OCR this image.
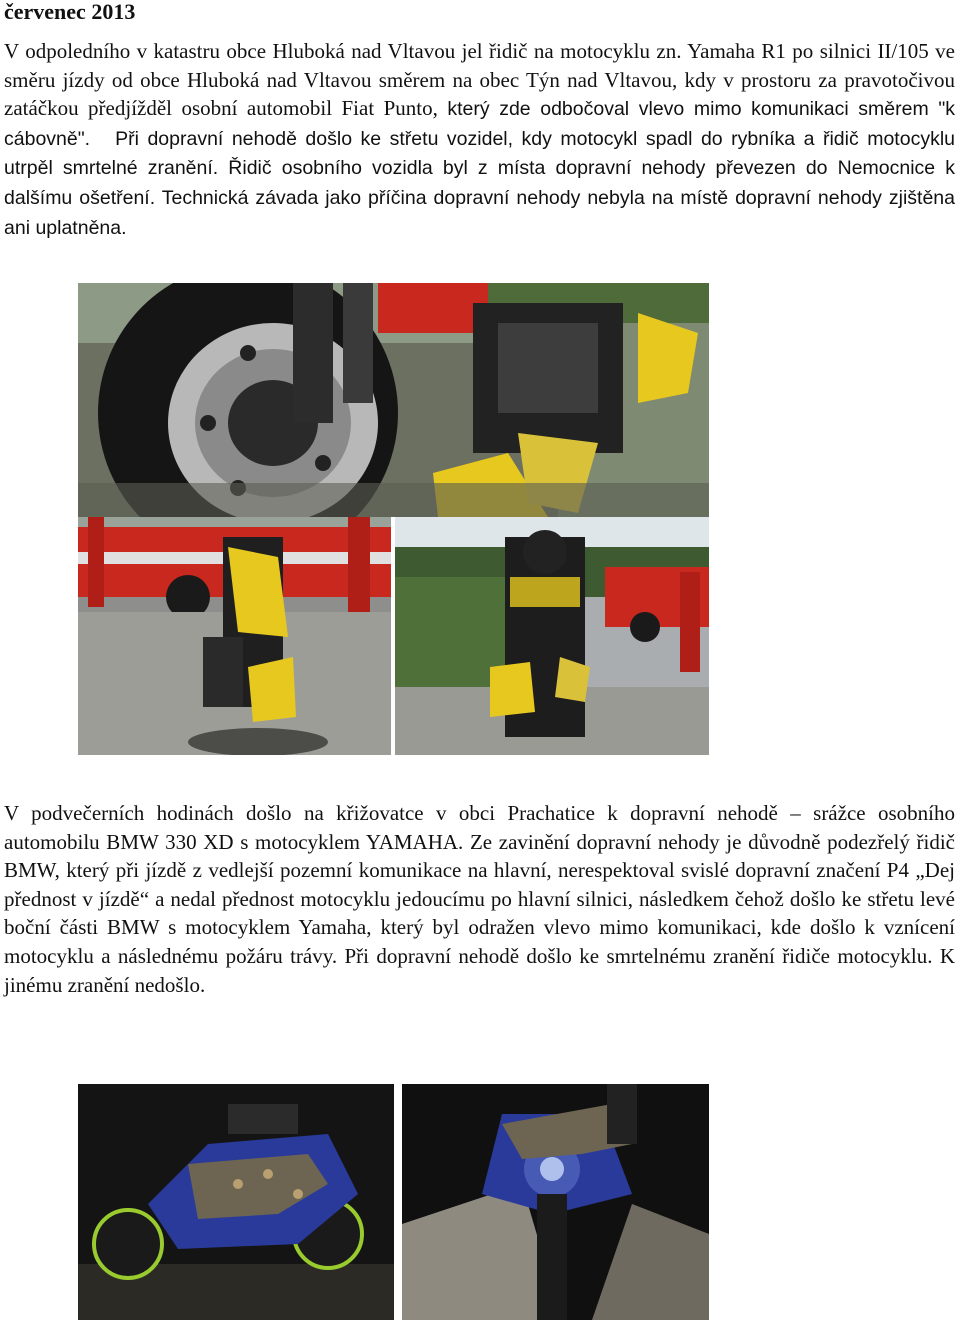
červenec 2013

V odpoledního v katastru obce Hluboká nad Vltavou jel řidič na motocyklu zn. Yamaha R1 po silnici II/105 ve směru jízdy od obce Hluboká nad Vltavou směrem na obec Týn nad Vltavou, kdy v prostoru za pravotočivou zatáčkou předjížděl osobní automobil Fiat Punto, který zde odbočoval vlevo mimo komunikaci směrem "k cábovně". Při dopravní nehodě došlo ke střetu vozidel, kdy motocykl spadl do rybníka a řidič motocyklu utrpěl smrtelné zranění. Řidič osobního vozidla byl z místa dopravní nehody převezen do Nemocnice k dalšímu ošetření. Technická závada jako příčina dopravní nehody nebyla na místě dopravní nehody zjištěna ani uplatněna.

V podvečerních hodinách došlo na křižovatce v obci Prachatice k dopravní nehodě – srážce osobního automobilu BMW 330 XD s motocyklem YAMAHA. Ze zavinění dopravní nehody je důvodně podezřelý řidič BMW, který při jízdě z vedlejší pozemní komunikace na hlavní, nerespektoval svislé dopravní značení P4 „Dej přednost v jízdě“ a nedal přednost motocyklu jedoucímu po hlavní silnici, následkem čehož došlo ke střetu levé boční části BMW s motocyklem Yamaha, který byl odražen vlevo mimo komunikaci, kde došlo k vznícení motocyklu a následnému požáru trávy. Při dopravní nehodě došlo ke smrtelnému zranění řidiče motocyklu. K jinému zranění nedošlo.
